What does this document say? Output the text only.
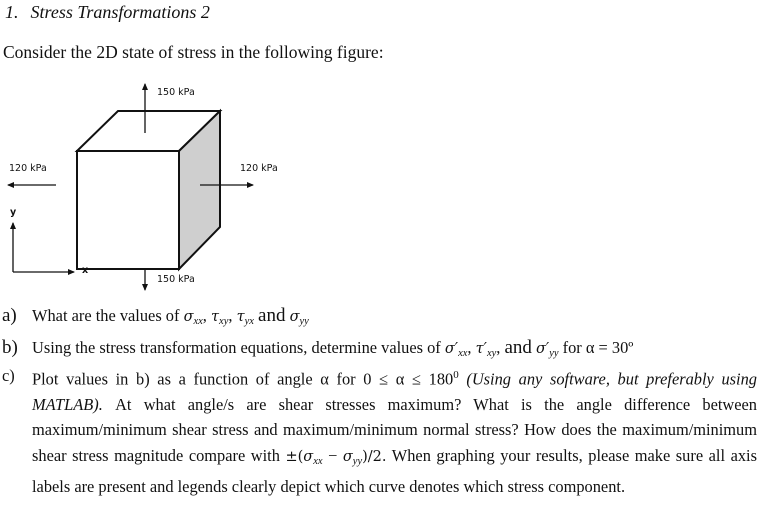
1. Stress Transformations 2
Consider the 2D state of stress in the following figure:
150 kPa
150 kPa
120 kPa	120 kPa
y
x
a) What are the values of $\sigma_{xx}$, $\tau_{xy}$, $\tau_{yx}$ and $\sigma_{yy}$
b) Using the stress transformation equations, determine values of $\sigma'_{xx}$, $\tau'_{xy}$, and $\sigma'_{yy}$ for α = 30º
c) Plot values in b) as a function of angle α for $0 \le \alpha \le 180^0$ (Using any software, but preferably using MATLAB). At what angle/s are shear stresses maximum? What is the angle difference between maximum/minimum shear stress and maximum/minimum normal stress? How does the maximum/minimum shear stress magnitude compare with $\pm(\sigma_{xx} - \sigma_{yy})/2$. When graphing your results, please make sure all axis labels are present and legends clearly depict which curve denotes which stress component.
